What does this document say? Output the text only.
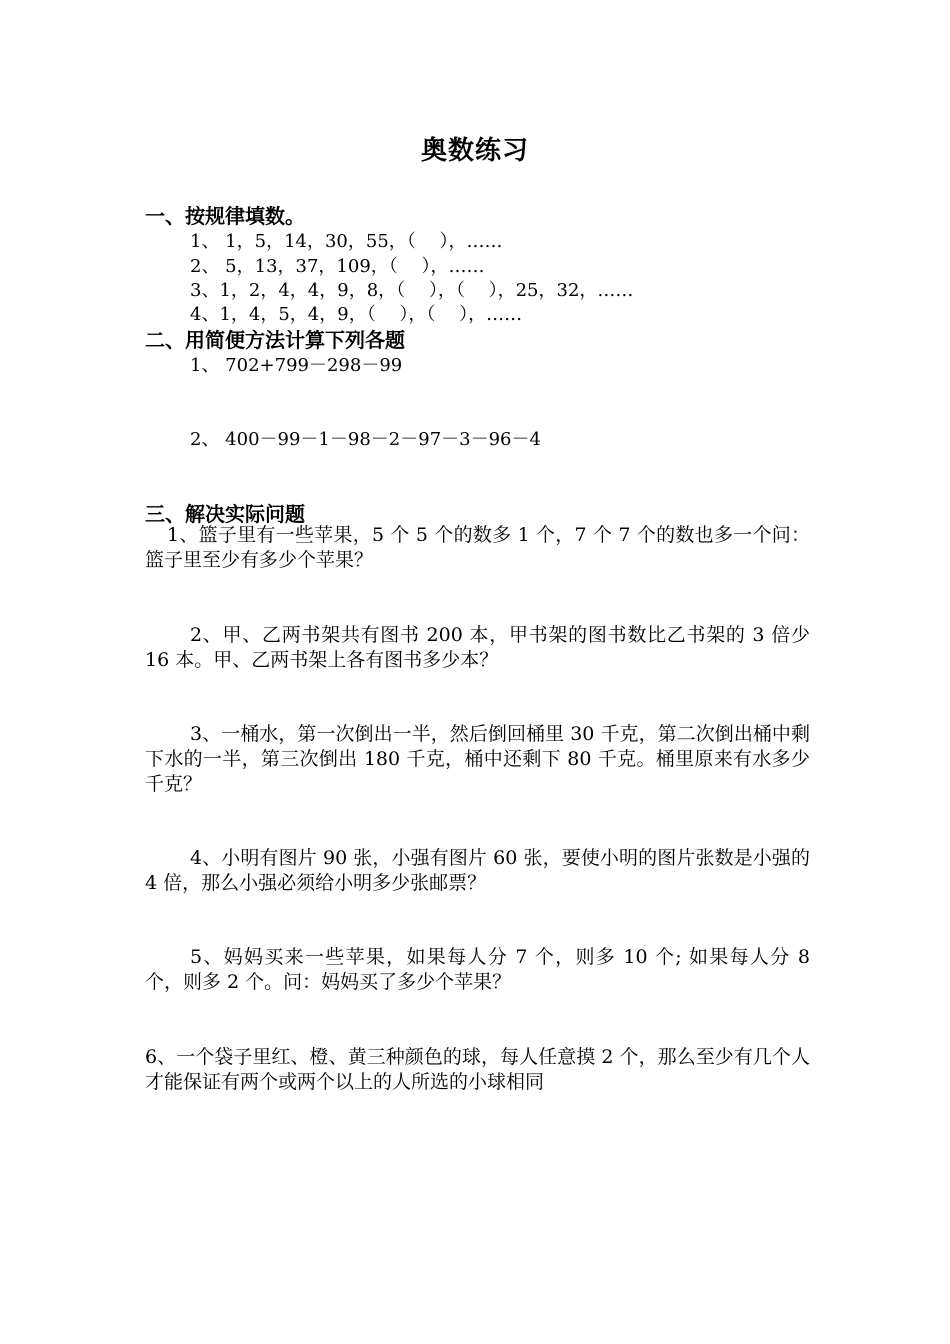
奥数练习
一、按规律填数。
1、 1，5，14，30，55，（　 ），……
2、 5，13，37，109，（　 ），……
3、1，2，4，4，9，8，（　 ），（　 ），25，32，……
4、1，4，5，4，9，（　 ），（　 ），……
二、用简便方法计算下列各题
1、 702+799－298－99
2、 400－99－1－98－2－97－3－96－4
三、解决实际问题
1、篮子里有一些苹果，5 个 5 个的数多 1 个，7 个 7 个的数也多一个问：篮子里至少有多少个苹果？
2、甲、乙两书架共有图书 200 本，甲书架的图书数比乙书架的 3 倍少 16 本。甲、乙两书架上各有图书多少本？
3、一桶水，第一次倒出一半，然后倒回桶里 30 千克，第二次倒出桶中剩下水的一半，第三次倒出 180 千克，桶中还剩下 80 千克。桶里原来有水多少千克？
4、小明有图片 90 张，小强有图片 60 张，要使小明的图片张数是小强的 4 倍，那么小强必须给小明多少张邮票？
5、妈妈买来一些苹果，如果每人分 7 个，则多 10 个; 如果每人分 8 个，则多 2 个。问：妈妈买了多少个苹果？
6、一个袋子里红、橙、黄三种颜色的球，每人任意摸 2 个，那么至少有几个人才能保证有两个或两个以上的人所选的小球相同
